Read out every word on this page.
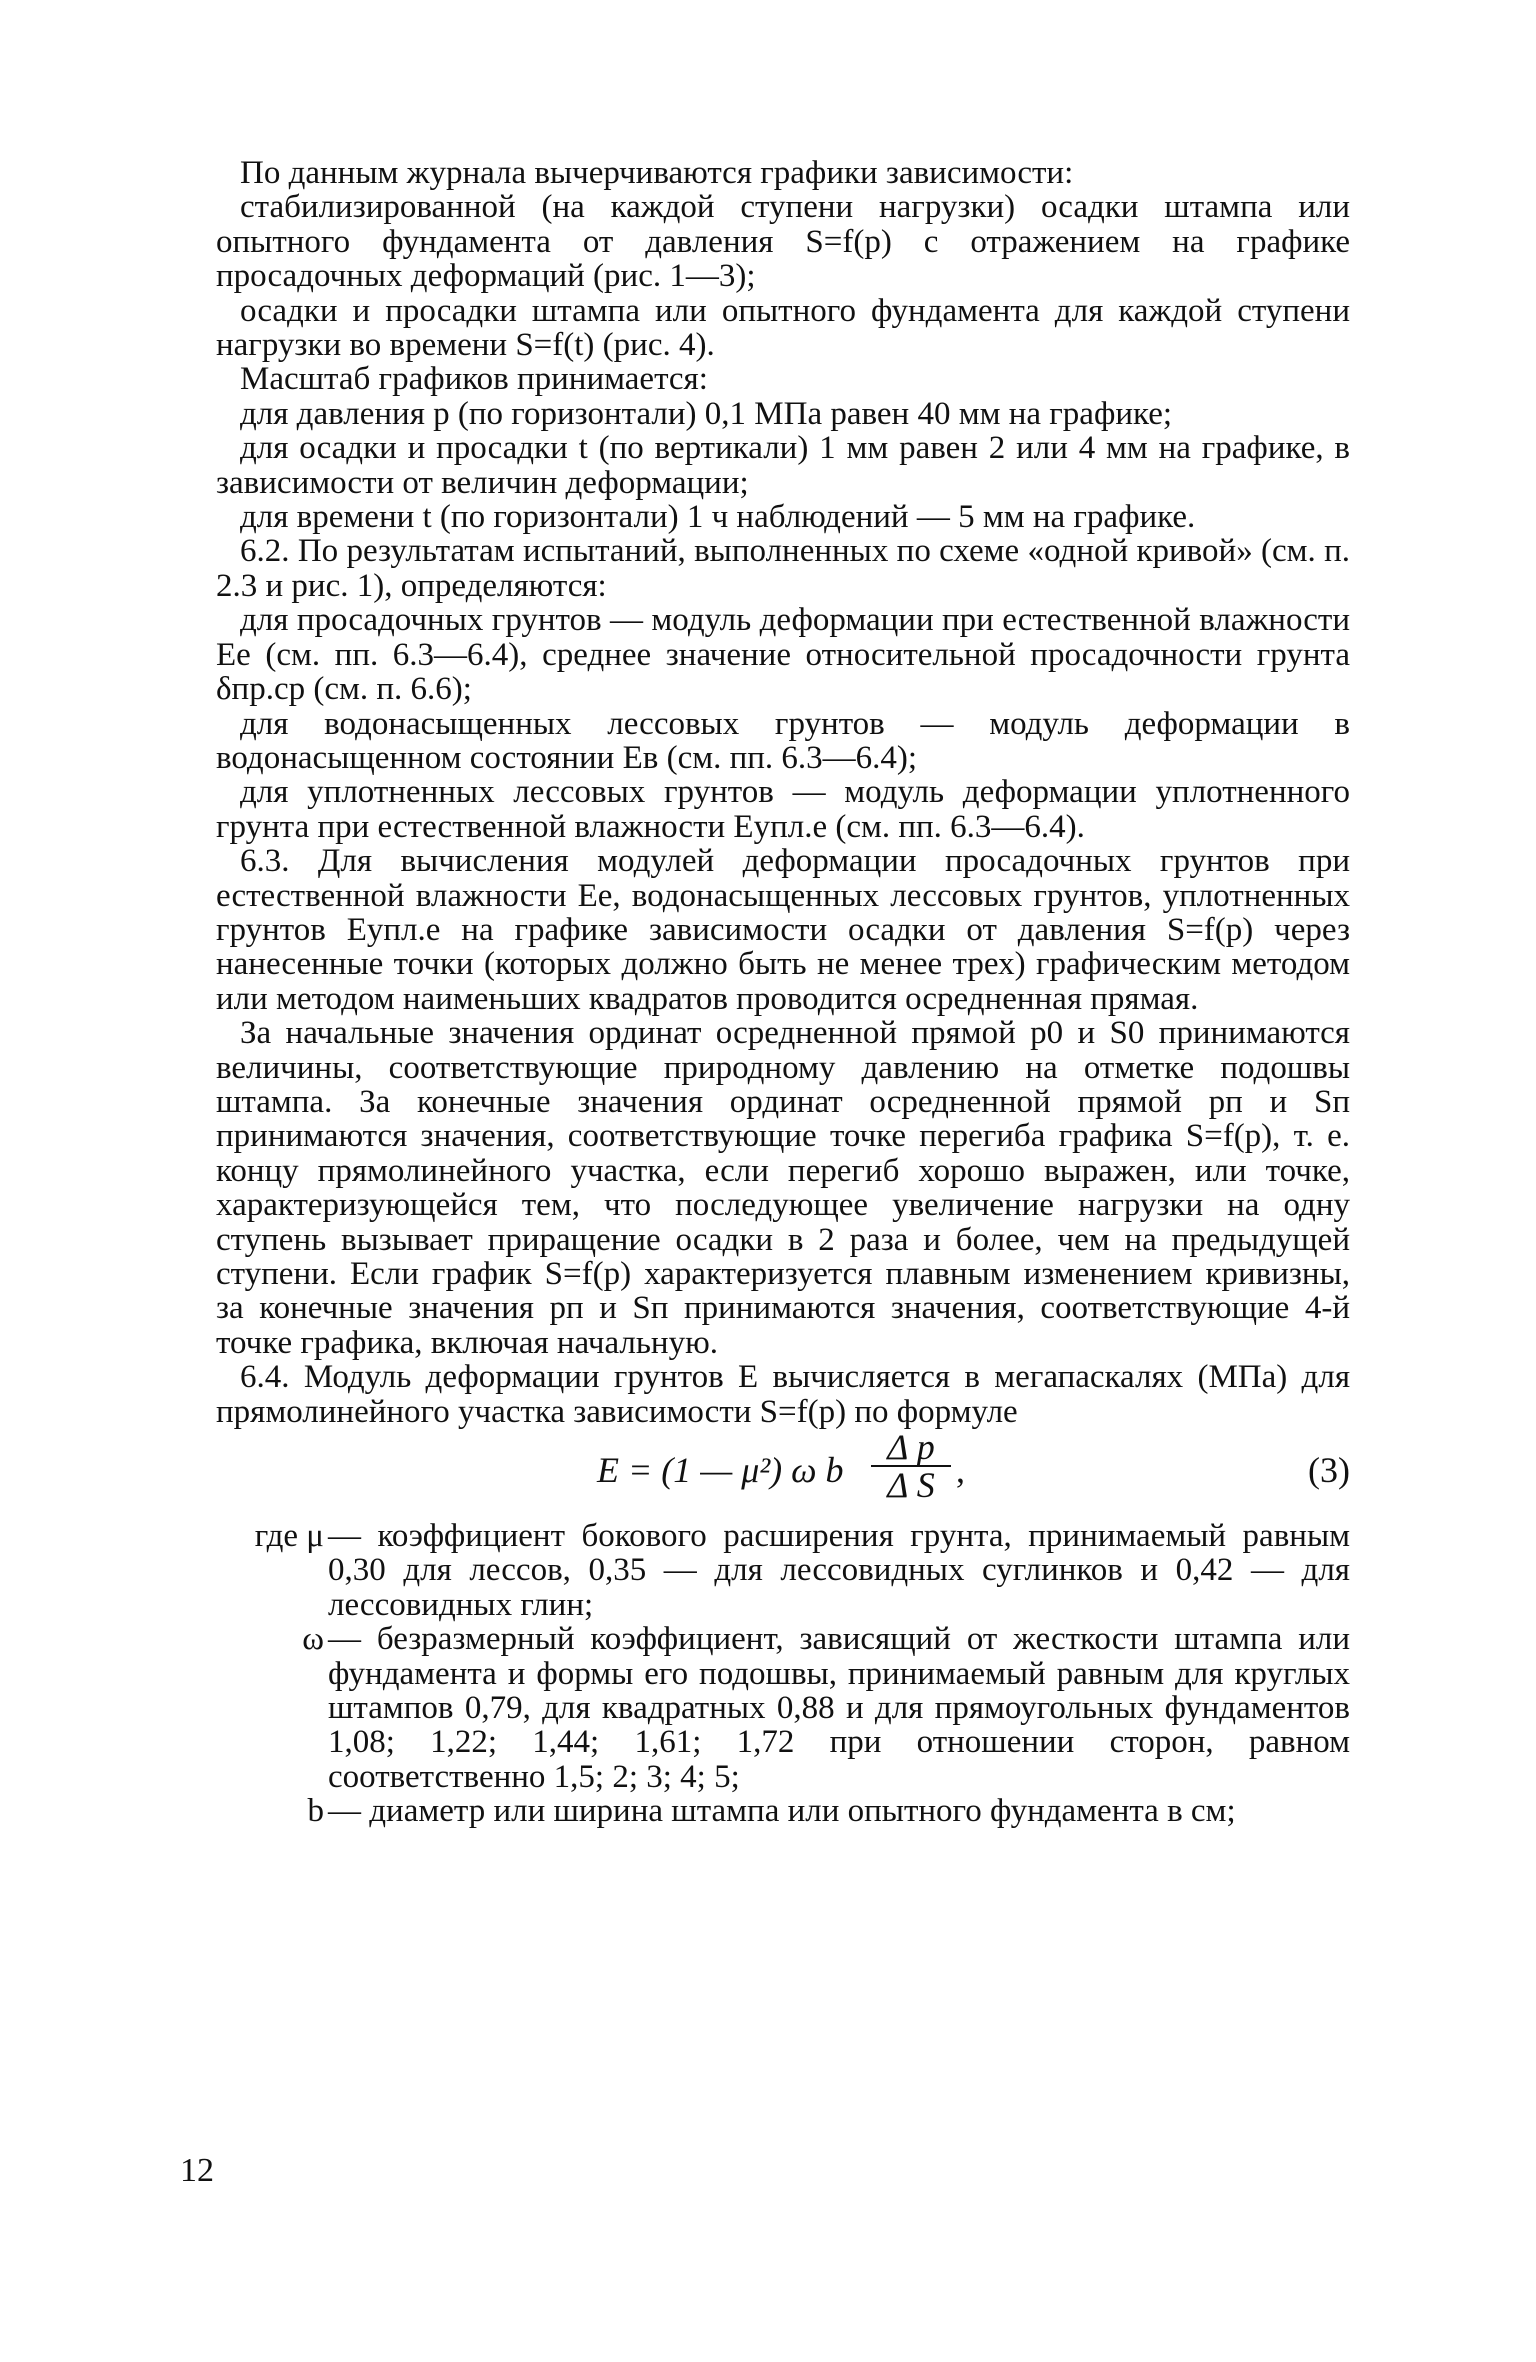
По данным журнала вычерчиваются графики зависимости:

стабилизированной (на каждой ступени нагрузки) осадки штампа или опытного фундамента от давления S=f(p) с отражением на графике просадочных деформаций (рис. 1—3);

осадки и просадки штампа или опытного фундамента для каждой ступени нагрузки во времени S=f(t) (рис. 4).

Масштаб графиков принимается:

для давления p (по горизонтали) 0,1 МПа равен 40 мм на графике;

для осадки и просадки t (по вертикали) 1 мм равен 2 или 4 мм на графике, в зависимости от величин деформации;

для времени t (по горизонтали) 1 ч наблюдений — 5 мм на графике.

6.2. По результатам испытаний, выполненных по схеме «одной кривой» (см. п. 2.3 и рис. 1), определяются:

для просадочных грунтов — модуль деформации при естественной влажности Eе (см. пп. 6.3—6.4), среднее значение относительной просадочности грунта δпр.ср (см. п. 6.6);

для водонасыщенных лессовых грунтов — модуль деформации в водонасыщенном состоянии Eв (см. пп. 6.3—6.4);

для уплотненных лессовых грунтов — модуль деформации уплотненного грунта при естественной влажности Eупл.е (см. пп. 6.3—6.4).

6.3. Для вычисления модулей деформации просадочных грунтов при естественной влажности Eе, водонасыщенных лессовых грунтов, уплотненных грунтов Eупл.е на графике зависимости осадки от давления S=f(p) через нанесенные точки (которых должно быть не менее трех) графическим методом или методом наименьших квадратов проводится осредненная прямая.

За начальные значения ординат осредненной прямой p0 и S0 принимаются величины, соответствующие природному давлению на отметке подошвы штампа. За конечные значения ординат осредненной прямой pп и Sп принимаются значения, соответствующие точке перегиба графика S=f(p), т. е. концу прямолинейного участка, если перегиб хорошо выражен, или точке, характеризующейся тем, что последующее увеличение нагрузки на одну ступень вызывает приращение осадки в 2 раза и более, чем на предыдущей ступени. Если график S=f(p) характеризуется плавным изменением кривизны, за конечные значения pп и Sп принимаются значения, соответствующие 4-й точке графика, включая начальную.

6.4. Модуль деформации грунтов E вычисляется в мегапаскалях (МПа) для прямолинейного участка зависимости S=f(p) по формуле

E = (1 — μ²) ω b $\frac{\text{Δ p}}{\text{Δ S}}$ ,	(3)
где μ — коэффициент бокового расширения грунта, принимаемый равным 0,30 для лессов, 0,35 — для лессовидных суглинков и 0,42 — для лессовидных глин;
ω — безразмерный коэффициент, зависящий от жесткости штампа или фундамента и формы его подошвы, принимаемый равным для круглых штампов 0,79, для квадратных 0,88 и для прямоугольных фундаментов 1,08; 1,22; 1,44; 1,61; 1,72 при отношении сторон, равном соответственно 1,5; 2; 3; 4; 5;
b — диаметр или ширина штампа или опытного фундамента в см;
12
